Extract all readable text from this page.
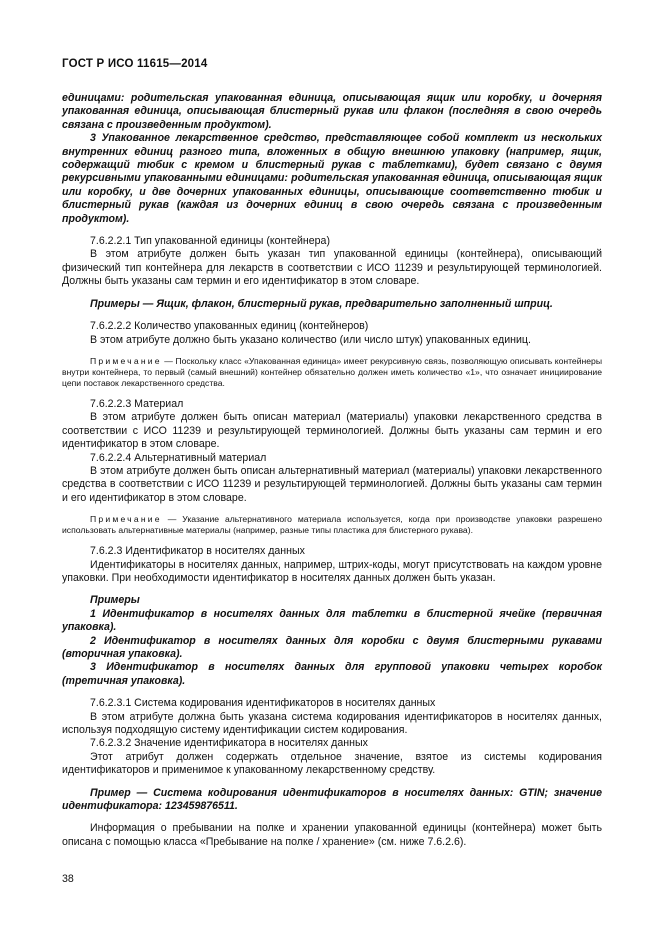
ГОСТ Р ИСО 11615—2014

единицами: родительская упакованная единица, описывающая ящик или коробку, и дочерняя упакованная единица, описывающая блистерный рукав или флакон (последняя в свою очередь связана с произведенным продуктом).

3 Упакованное лекарственное средство, представляющее собой комплект из нескольких внутренних единиц разного типа, вложенных в общую внешнюю упаковку (например, ящик, содержащий тюбик с кремом и блистерный рукав с таблетками), будет связано с двумя рекурсивными упакованными единицами: родительская упакованная единица, описывающая ящик или коробку, и две дочерних упакованных единицы, описывающие соответственно тюбик и блистерный рукав (каждая из дочерних единиц в свою очередь связана с произведенным продуктом).

7.6.2.2.1 Тип упакованной единицы (контейнера)

В этом атрибуте должен быть указан тип упакованной единицы (контейнера), описывающий физический тип контейнера для лекарств в соответствии с ИСО 11239 и результирующей терминологией. Должны быть указаны сам термин и его идентификатор в этом словаре.

Примеры — Ящик, флакон, блистерный рукав, предварительно заполненный шприц.

7.6.2.2.2 Количество упакованных единиц (контейнеров)

В этом атрибуте должно быть указано количество (или число штук) упакованных единиц.

Примечание — Поскольку класс «Упакованная единица» имеет рекурсивную связь, позволяющую описывать контейнеры внутри контейнера, то первый (самый внешний) контейнер обязательно должен иметь количество «1», что означает инициирование цепи поставок лекарственного средства.

7.6.2.2.3 Материал

В этом атрибуте должен быть описан материал (материалы) упаковки лекарственного средства в соответствии с ИСО 11239 и результирующей терминологией. Должны быть указаны сам термин и его идентификатор в этом словаре.

7.6.2.2.4 Альтернативный материал

В этом атрибуте должен быть описан альтернативный материал (материалы) упаковки лекарственного средства в соответствии с ИСО 11239 и результирующей терминологией. Должны быть указаны сам термин и его идентификатор в этом словаре.

Примечание — Указание альтернативного материала используется, когда при производстве упаковки разрешено использовать альтернативные материалы (например, разные типы пластика для блистерного рукава).

7.6.2.3 Идентификатор в носителях данных

Идентификаторы в носителях данных, например, штрих-коды, могут присутствовать на каждом уровне упаковки. При необходимости идентификатор в носителях данных должен быть указан.

Примеры

1 Идентификатор в носителях данных для таблетки в блистерной ячейке (первичная упаковка).

2 Идентификатор в носителях данных для коробки с двумя блистерными рукавами (вторичная упаковка).

3 Идентификатор в носителях данных для групповой упаковки четырех коробок (третичная упаковка).

7.6.2.3.1 Система кодирования идентификаторов в носителях данных

В этом атрибуте должна быть указана система кодирования идентификаторов в носителях данных, используя подходящую систему идентификации систем кодирования.

7.6.2.3.2 Значение идентификатора в носителях данных

Этот атрибут должен содержать отдельное значение, взятое из системы кодирования идентификаторов и применимое к упакованному лекарственному средству.

Пример — Система кодирования идентификаторов в носителях данных: GTIN; значение идентификатора: 123459876511.

Информация о пребывании на полке и хранении упакованной единицы (контейнера) может быть описана с помощью класса «Пребывание на полке / хранение» (см. ниже 7.6.2.6).

38
